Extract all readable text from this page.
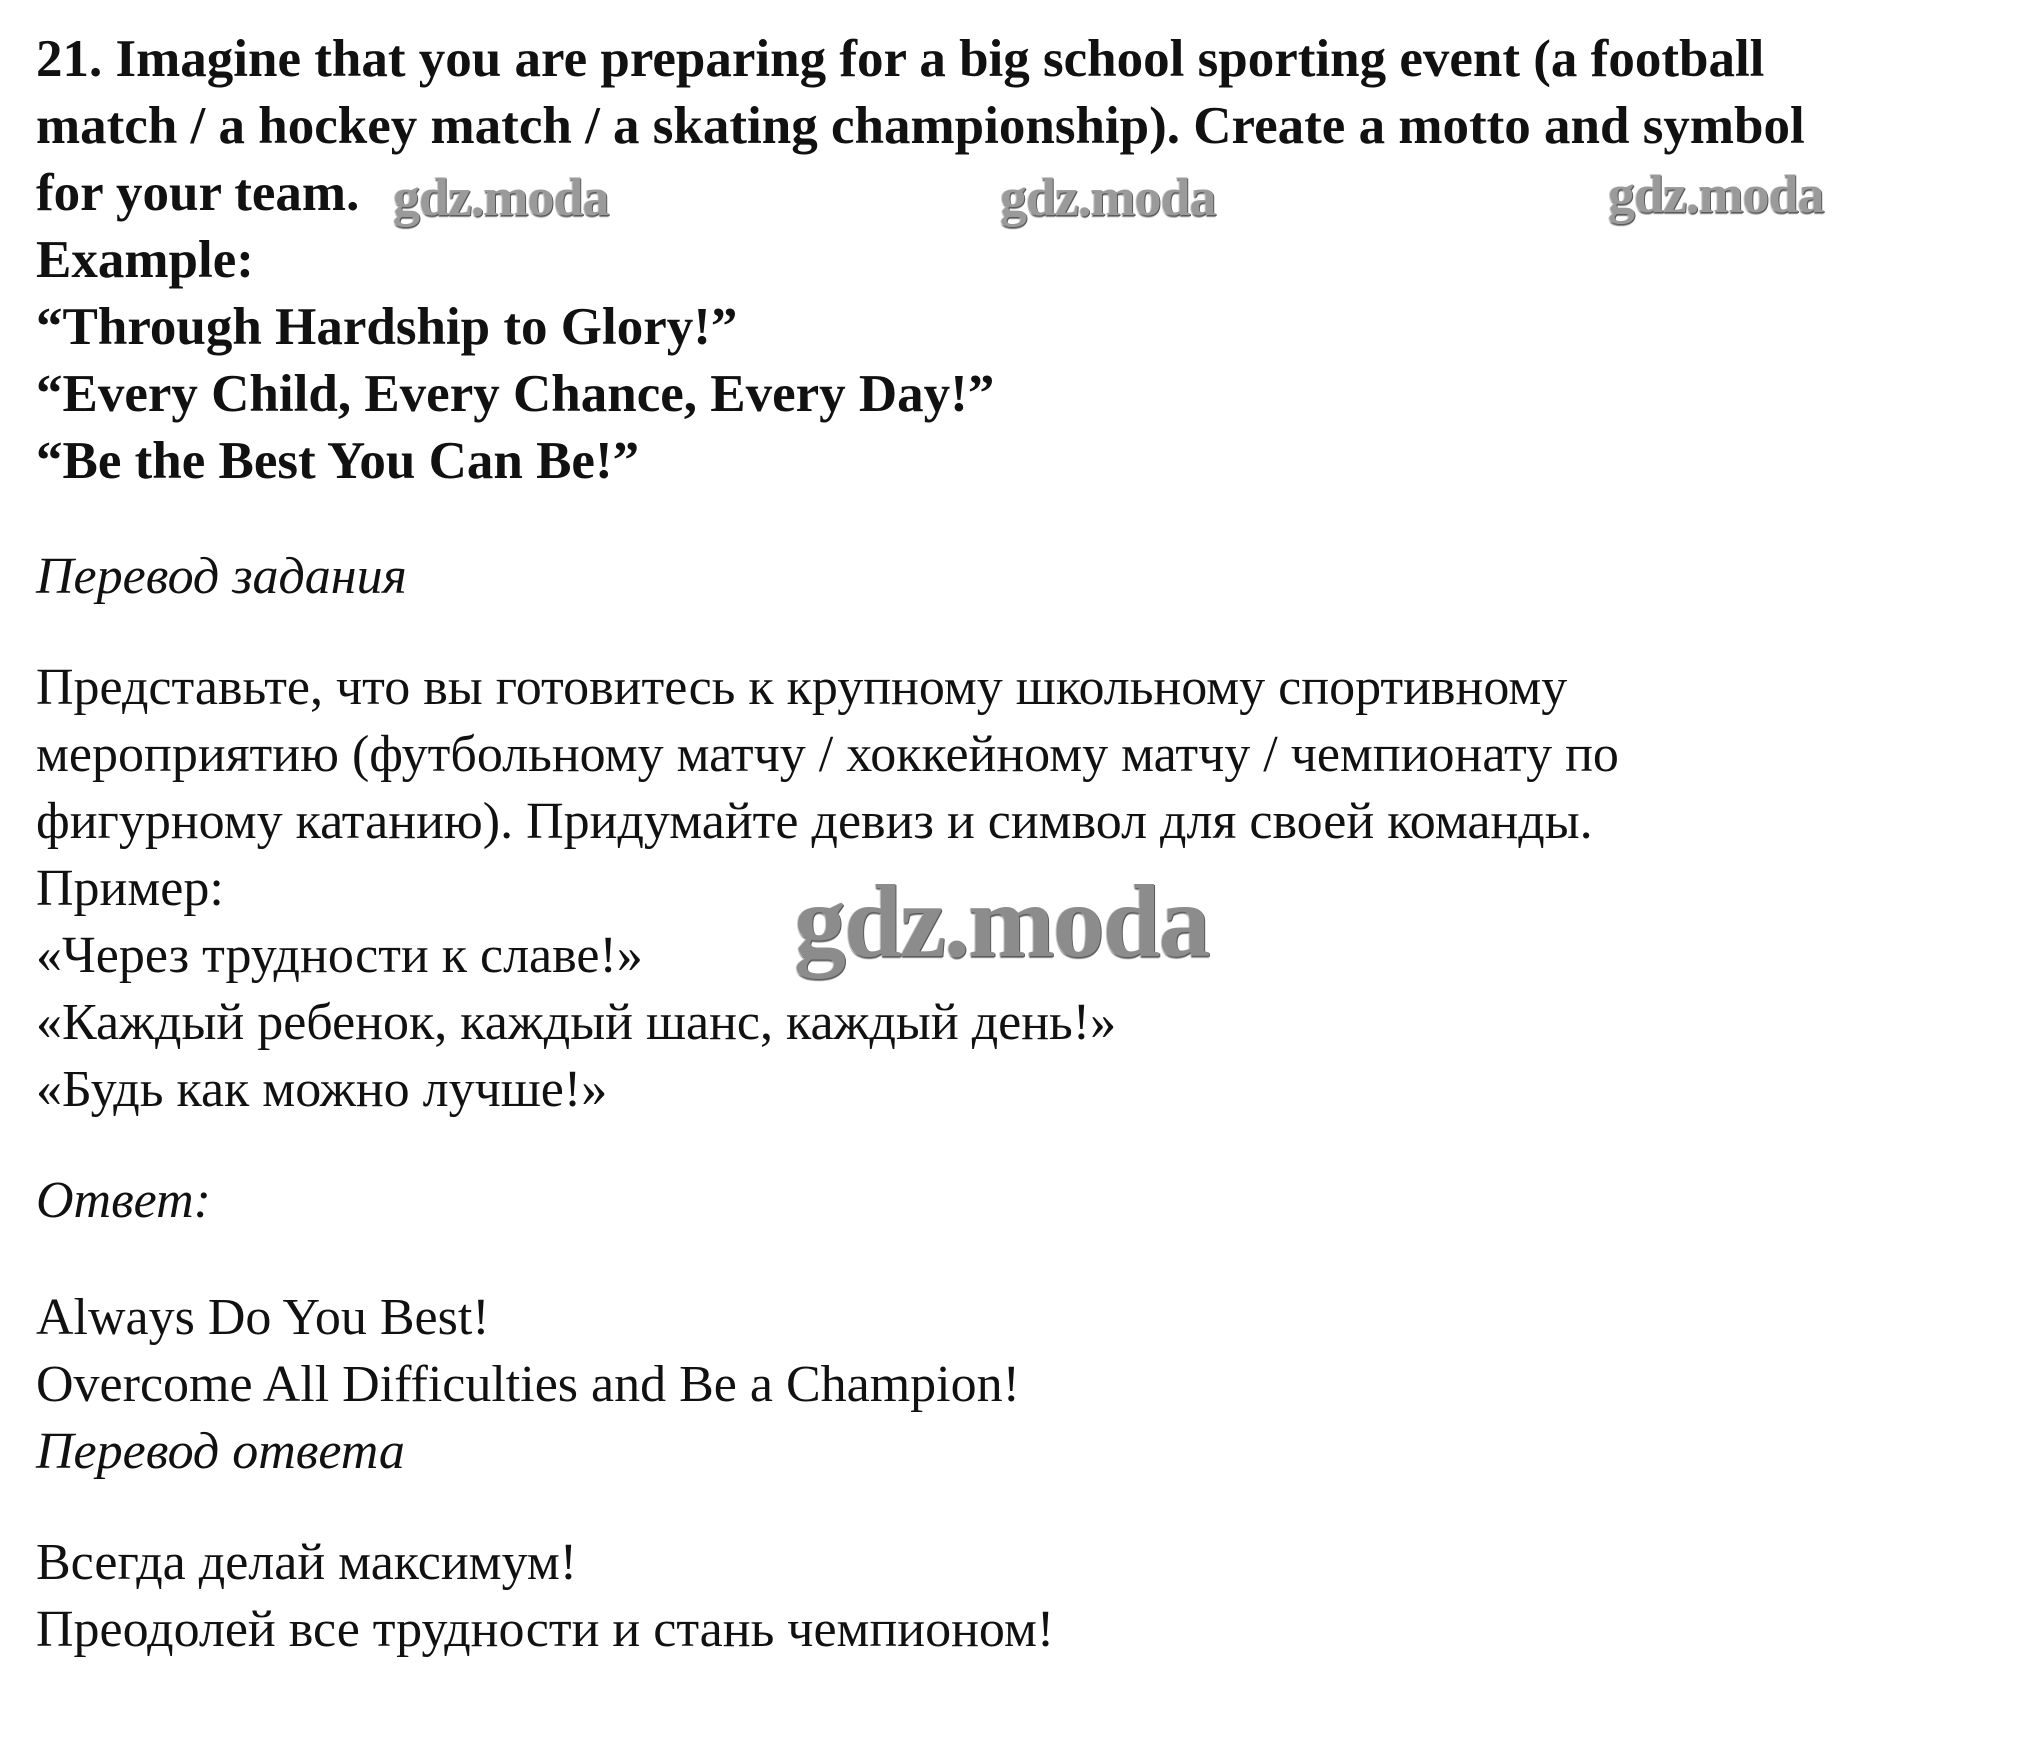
21. Imagine that you are preparing for a big school sporting event (a football
match / a hockey match / a skating championship). Create a motto and symbol
for your team.
Example:
“Through Hardship to Glory!”
“Every Child, Every Chance, Every Day!”
“Be the Best You Can Be!”
Перевод задания
Представьте, что вы готовитесь к крупному школьному спортивному
мероприятию (футбольному матчу / хоккейному матчу / чемпионату по
фигурному катанию). Придумайте девиз и символ для своей команды.
Пример:
«Через трудности к славе!»
«Каждый ребенок, каждый шанс, каждый день!»
«Будь как можно лучше!»
Ответ:
Always Do You Best!
Overcome All Difficulties and Be a Champion!
Перевод ответа
Всегда делай максимум!
Преодолей все трудности и стань чемпионом!
gdz.moda	gdz.moda	gdz.moda
gdz.moda
